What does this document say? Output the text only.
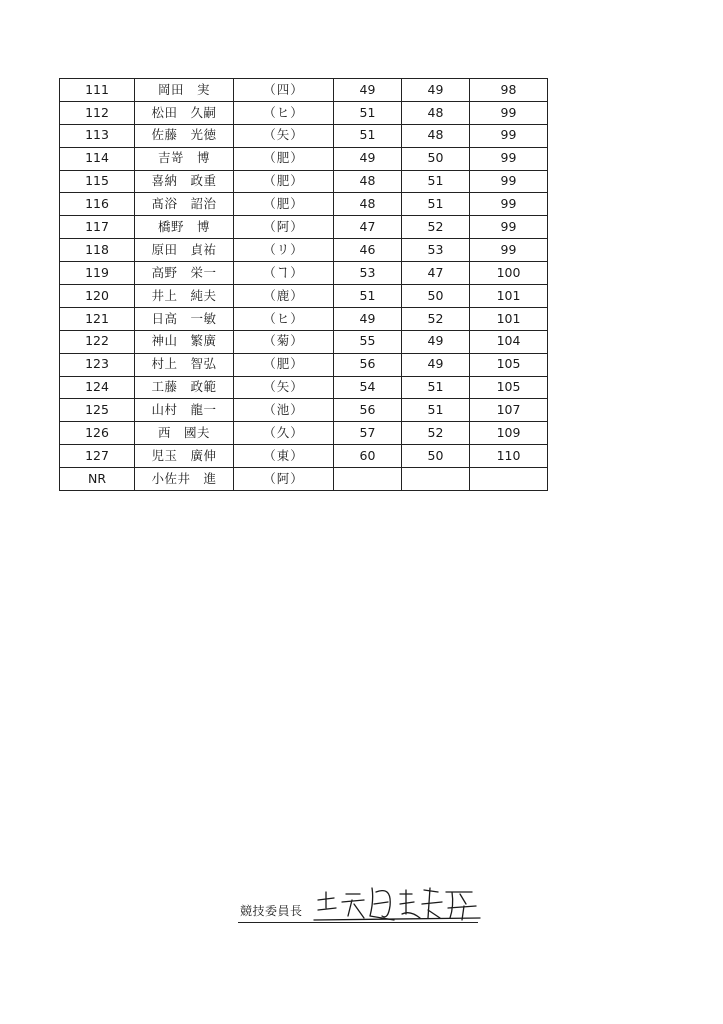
111	岡田　実	（四）	49	49	98
112	松田　久嗣	（ヒ）	51	48	99
113	佐藤　光徳	（矢）	51	48	99
114	吉嵜　博	（肥）	49	50	99
115	喜納　政重	（肥）	48	51	99
116	髙浴　詔治	（肥）	48	51	99
117	橋野　博	（阿）	47	52	99
118	原田　貞祐	（リ）	46	53	99
119	高野　栄一	（ヿ）	53	47	100
120	井上　純夫	（鹿）	51	50	101
121	日高　一敏	（ヒ）	49	52	101
122	神山　繁廣	（菊）	55	49	104
123	村上　智弘	（肥）	56	49	105
124	工藤　政範	（矢）	54	51	105
125	山村　龍一	（池）	56	51	107
126	西　國夫	（久）	57	52	109
127	児玉　廣伸	（東）	60	50	110
NR	小佐井　進	（阿）			
競技委員長
